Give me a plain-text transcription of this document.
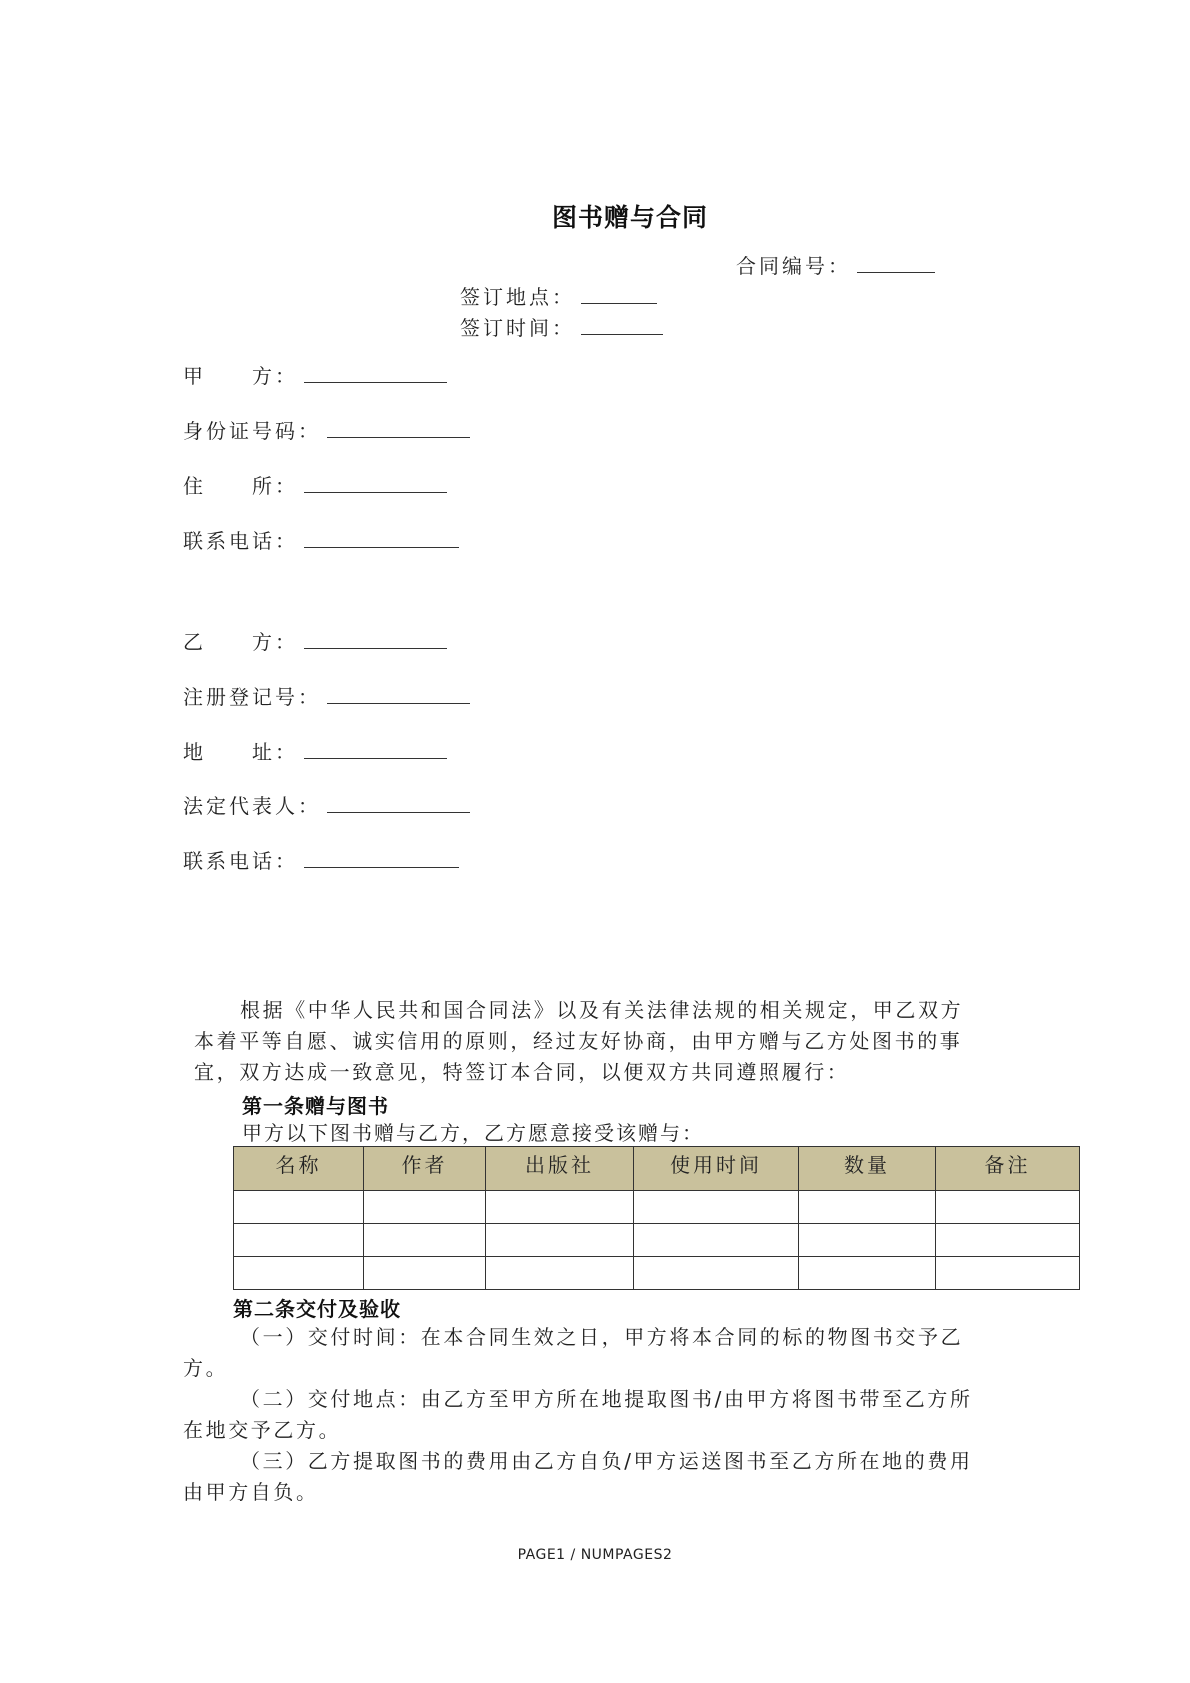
图书赠与合同
合同编号：
签订地点：
签订时间：
甲　　方：
身份证号码：
住　　所：
联系电话：
乙　　方：
注册登记号：
地　　址：
法定代表人：
联系电话：
根据《中华人民共和国合同法》以及有关法律法规的相关规定，甲乙双方
本着平等自愿、诚实信用的原则，经过友好协商，由甲方赠与乙方处图书的事
宜，双方达成一致意见，特签订本合同，以便双方共同遵照履行：
第一条赠与图书
甲方以下图书赠与乙方，乙方愿意接受该赠与：
名称	作者	出版社	使用时间	数量	备注

第二条交付及验收
（一）交付时间：在本合同生效之日，甲方将本合同的标的物图书交予乙
方。
（二）交付地点：由乙方至甲方所在地提取图书/由甲方将图书带至乙方所
在地交予乙方。
（三）乙方提取图书的费用由乙方自负/甲方运送图书至乙方所在地的费用
由甲方自负。
PAGE1 / NUMPAGES2
